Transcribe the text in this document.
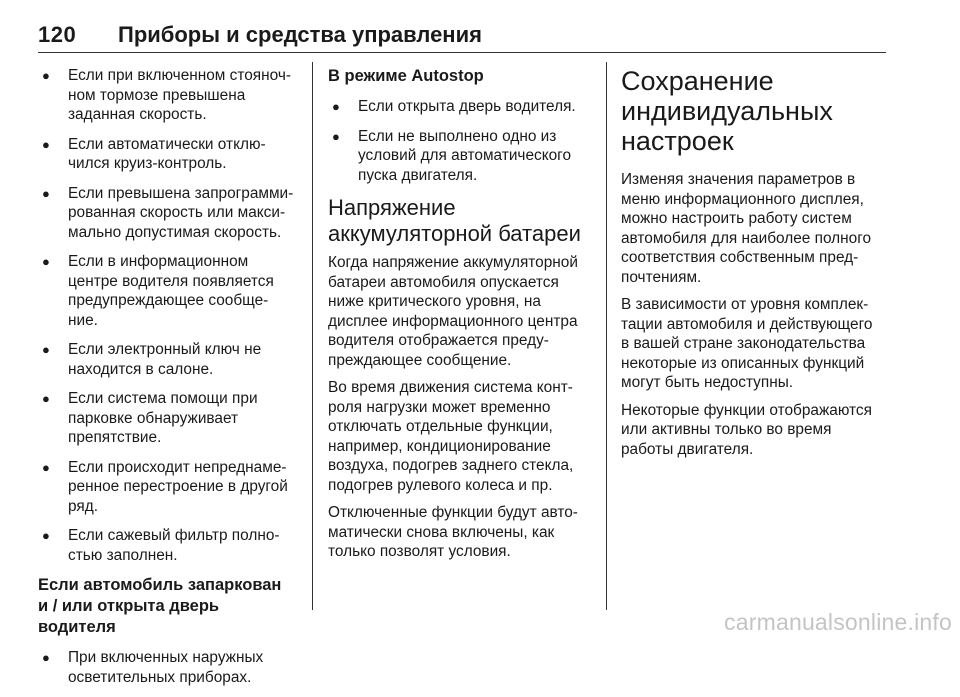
120 Приборы и средства управления
● Если при включенном стояноч-
ном тормозе превышена
заданная скорость.
● Если автоматически отклю-
чился круиз-контроль.
● Если превышена запрограмми-
рованная скорость или макси-
мально допустимая скорость.
● Если в информационном
центре водителя появляется
предупреждающее сообще-
ние.
● Если электронный ключ не
находится в салоне.
● Если система помощи при
парковке обнаруживает
препятствие.
● Если происходит непреднаме-
ренное перестроение в другой
ряд.
● Если сажевый фильтр полно-
стью заполнен.
Если автомобиль запаркован
и / или открыта дверь водителя
● При включенных наружных
осветительных приборах.
В режиме Autostop
● Если открыта дверь водителя.
● Если не выполнено одно из
условий для автоматического
пуска двигателя.
Напряжение
аккумуляторной батареи

Когда напряжение аккумуляторной
батареи автомобиля опускается
ниже критического уровня, на
дисплее информационного центра
водителя отображается преду-
преждающее сообщение.

Во время движения система конт-
роля нагрузки может временно
отключать отдельные функции,
например, кондиционирование
воздуха, подогрев заднего стекла,
подогрев рулевого колеса и пр.

Отключенные функции будут авто-
матически снова включены, как
только позволят условия.

Сохранение
индивидуальных
настроек

Изменяя значения параметров в
меню информационного дисплея,
можно настроить работу систем
автомобиля для наиболее полного
соответствия собственным пред-
почтениям.

В зависимости от уровня комплек-
тации автомобиля и действующего
в вашей стране законодательства
некоторые из описанных функций
могут быть недоступны.

Некоторые функции отображаются
или активны только во время
работы двигателя.

carmanualsonline.info
